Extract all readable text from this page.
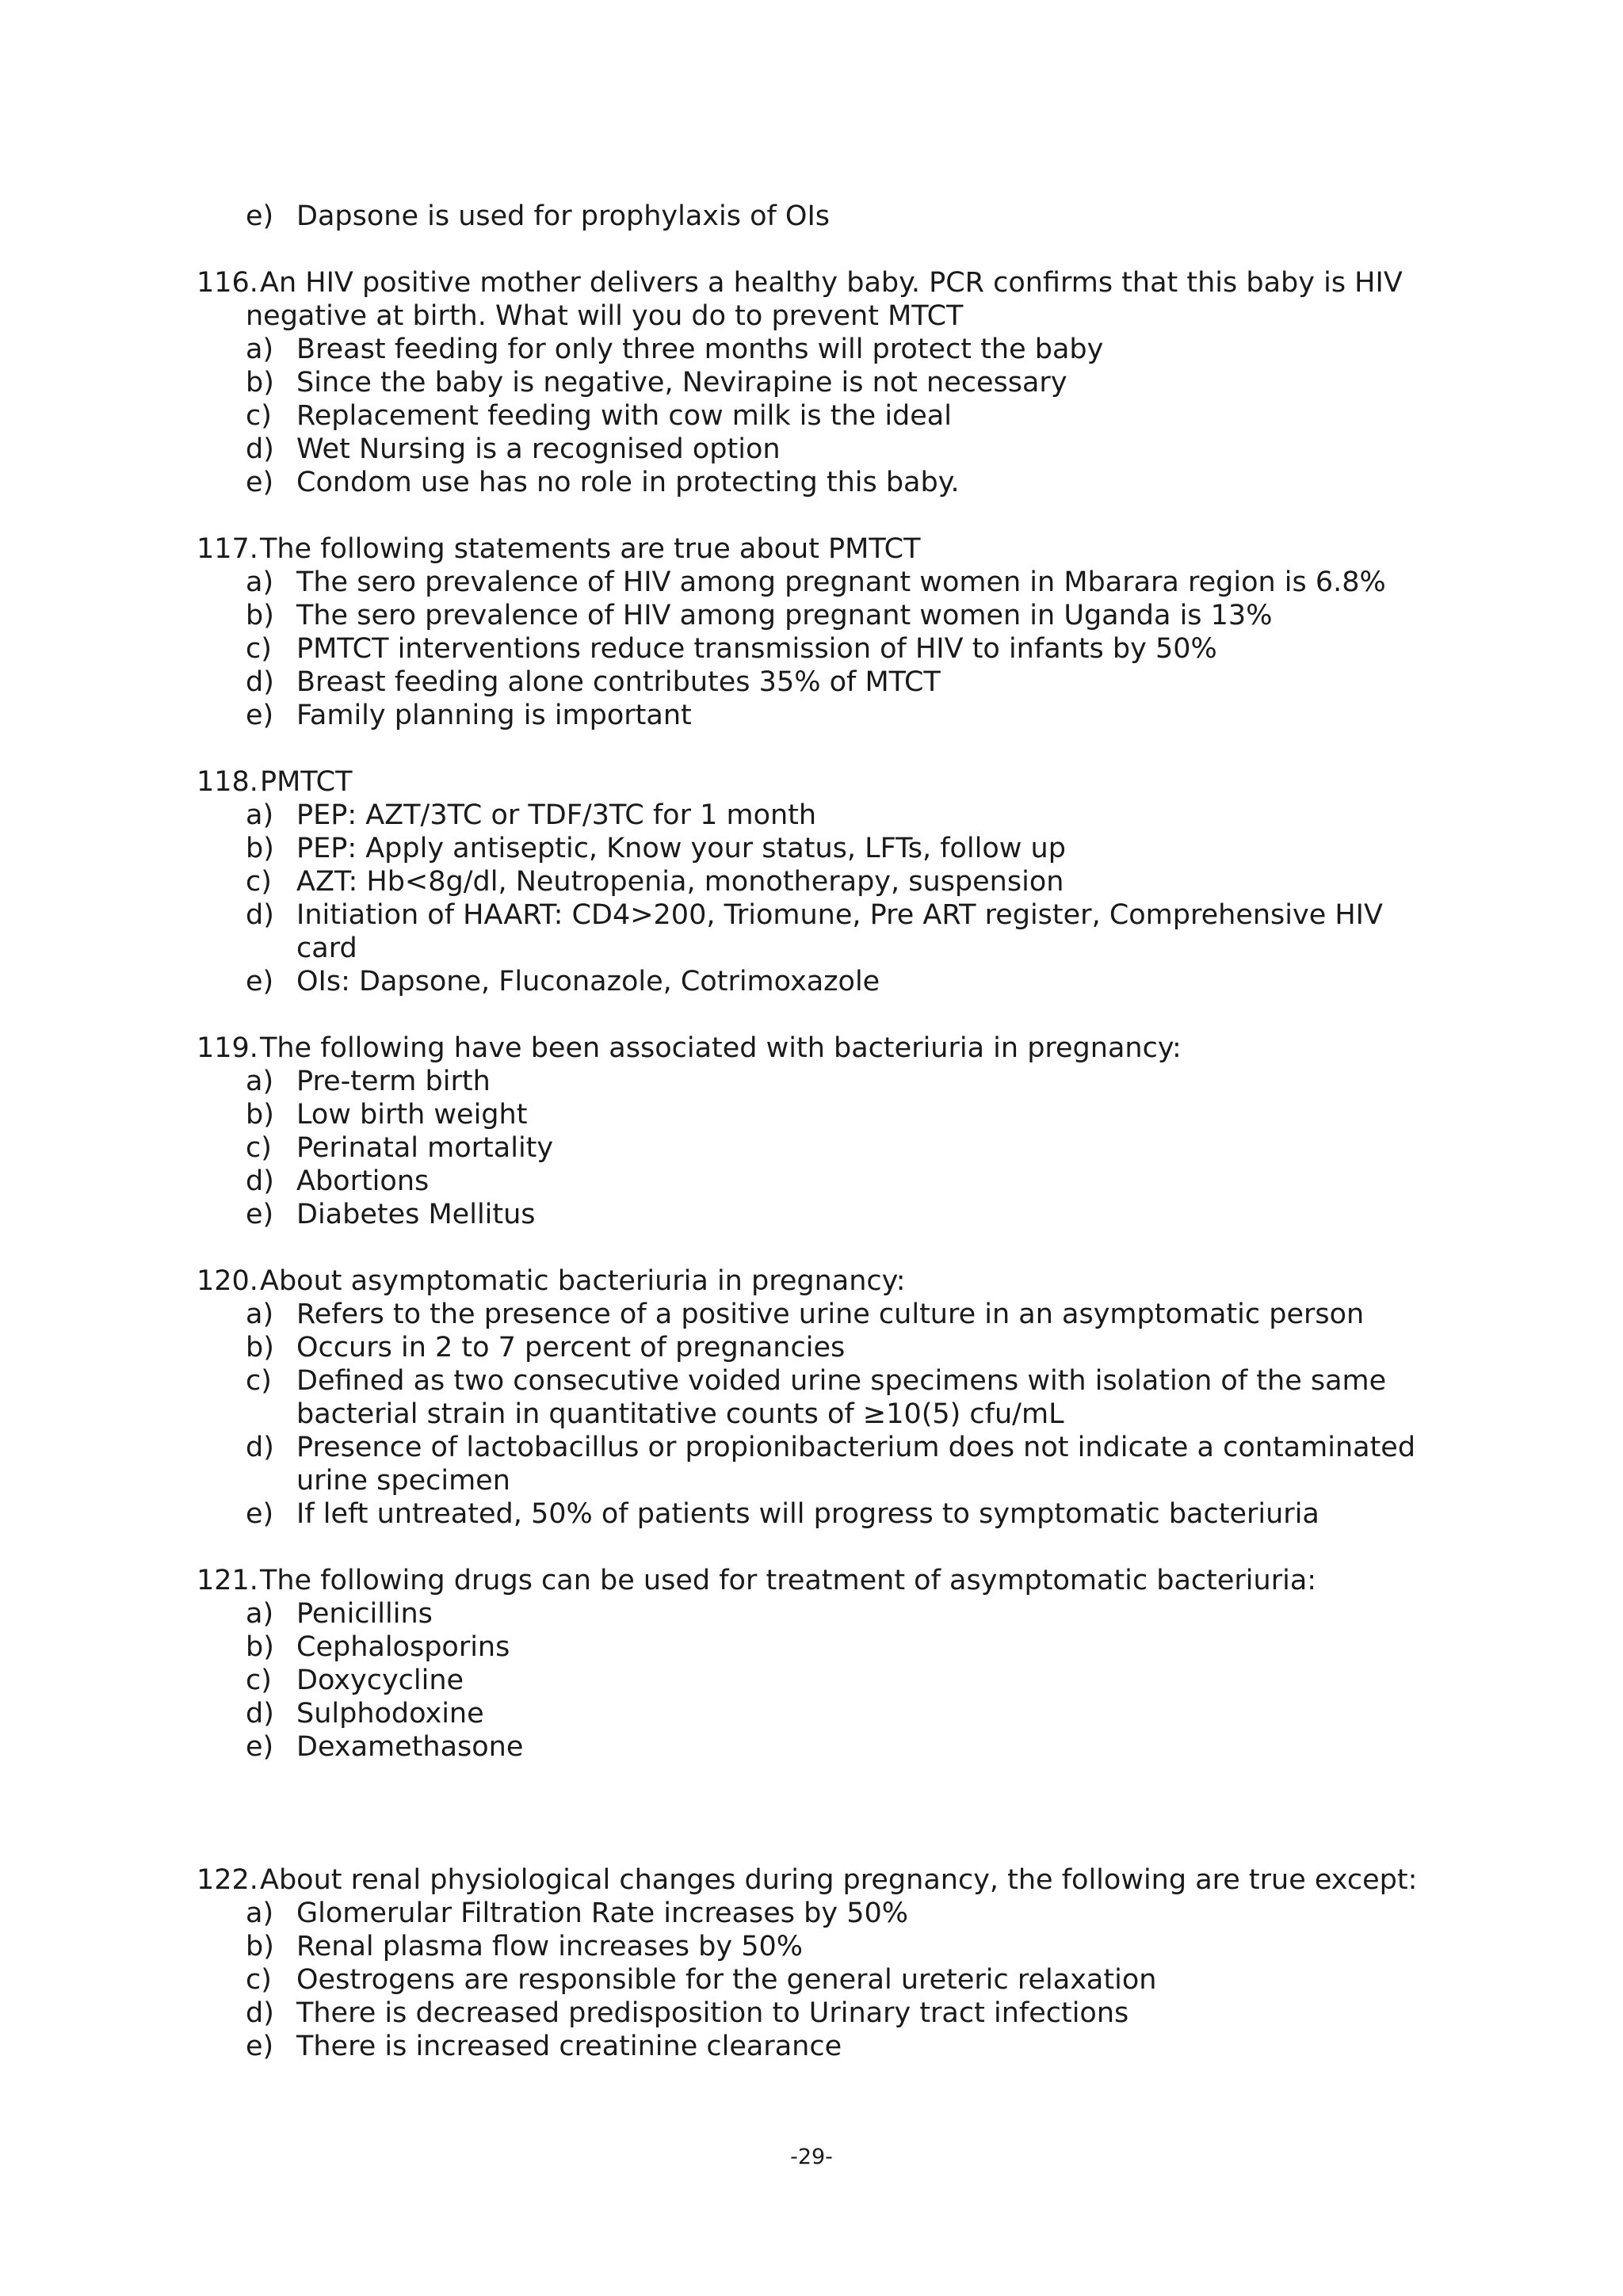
e) Dapsone is used for prophylaxis of OIs
116. An HIV positive mother delivers a healthy baby. PCR confirms that this baby is HIV
negative at birth. What will you do to prevent MTCT
a) Breast feeding for only three months will protect the baby
b) Since the baby is negative, Nevirapine is not necessary
c) Replacement feeding with cow milk is the ideal
d) Wet Nursing is a recognised option
e) Condom use has no role in protecting this baby.
117. The following statements are true about PMTCT
a) The sero prevalence of HIV among pregnant women in Mbarara region is 6.8%
b) The sero prevalence of HIV among pregnant women in Uganda is 13%
c) PMTCT interventions reduce transmission of HIV to infants by 50%
d) Breast feeding alone contributes 35% of MTCT
e) Family planning is important
118. PMTCT
a) PEP: AZT/3TC or TDF/3TC for 1 month
b) PEP: Apply antiseptic, Know your status, LFTs, follow up
c) AZT: Hb<8g/dl, Neutropenia, monotherapy, suspension
d) Initiation of HAART: CD4>200, Triomune, Pre ART register, Comprehensive HIV
card
e) OIs: Dapsone, Fluconazole, Cotrimoxazole
119. The following have been associated with bacteriuria in pregnancy:
a) Pre-term birth
b) Low birth weight
c) Perinatal mortality
d) Abortions
e) Diabetes Mellitus
120. About asymptomatic bacteriuria in pregnancy:
a) Refers to the presence of a positive urine culture in an asymptomatic person
b) Occurs in 2 to 7 percent of pregnancies
c) Defined as two consecutive voided urine specimens with isolation of the same
bacterial strain in quantitative counts of ≥10(5) cfu/mL
d) Presence of lactobacillus or propionibacterium does not indicate a contaminated
urine specimen
e) If left untreated, 50% of patients will progress to symptomatic bacteriuria
121. The following drugs can be used for treatment of asymptomatic bacteriuria:
a) Penicillins
b) Cephalosporins
c) Doxycycline
d) Sulphodoxine
e) Dexamethasone
122. About renal physiological changes during pregnancy, the following are true except:
a) Glomerular Filtration Rate increases by 50%
b) Renal plasma flow increases by 50%
c) Oestrogens are responsible for the general ureteric relaxation
d) There is decreased predisposition to Urinary tract infections
e) There is increased creatinine clearance
-29-
